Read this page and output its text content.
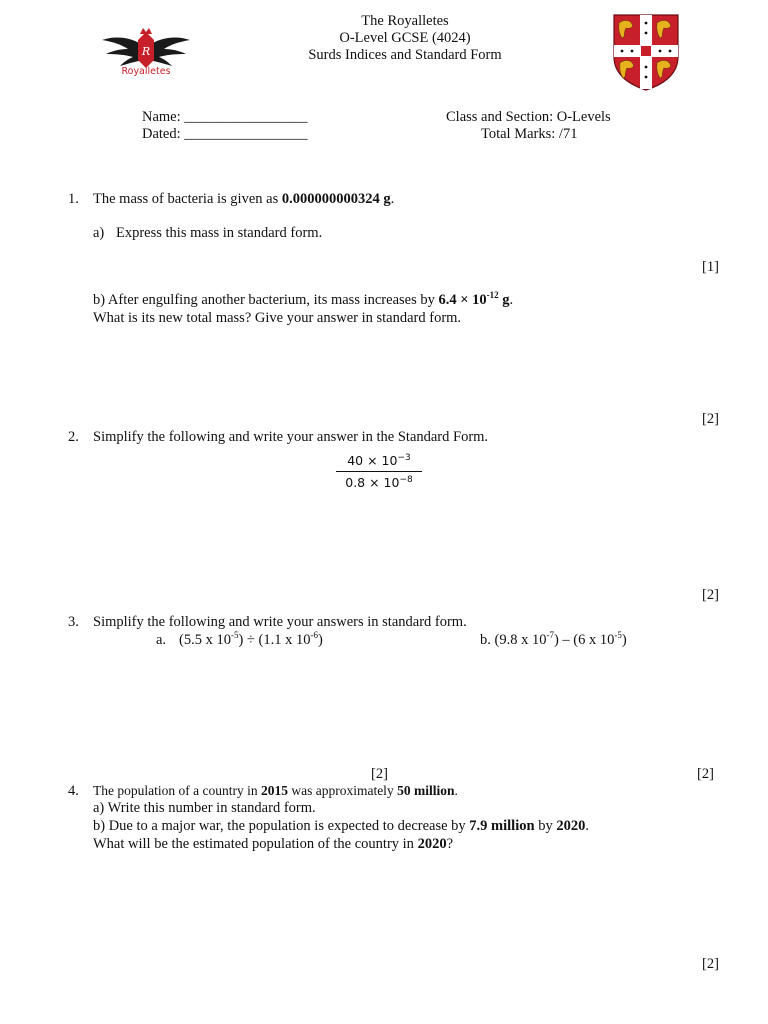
R
Royalletes
The Royalletes
O-Level GCSE (4024)
Surds Indices and Standard Form
Name: _________________
Dated: _________________
Class and Section: O-Levels
Total Marks: /71
1. The mass of bacteria is given as 0.000000000324 g.
a) Express this mass in standard form.
[1]
b) After engulfing another bacterium, its mass increases by $6.4 \times 10^{-12}$ g.
What is its new total mass? Give your answer in standard form.
[2]
2. Simplify the following and write your answer in the Standard Form.
$40 \times 10^{-3}$
$0.8 \times 10^{-8}$
[2]
3. Simplify the following and write your answers in standard form.
a. (5.5 x $10^{-5}) \div (1.1$ x $10^{-6}$)	b. (9.8 x $10^{-7}) - (6$ x $10^{-5}$)
[2]	[2]
4. The population of a country in 2015 was approximately 50 million.
a) Write this number in standard form.
b) Due to a major war, the population is expected to decrease by 7.9 million by 2020.
What will be the estimated population of the country in 2020?
[2]
